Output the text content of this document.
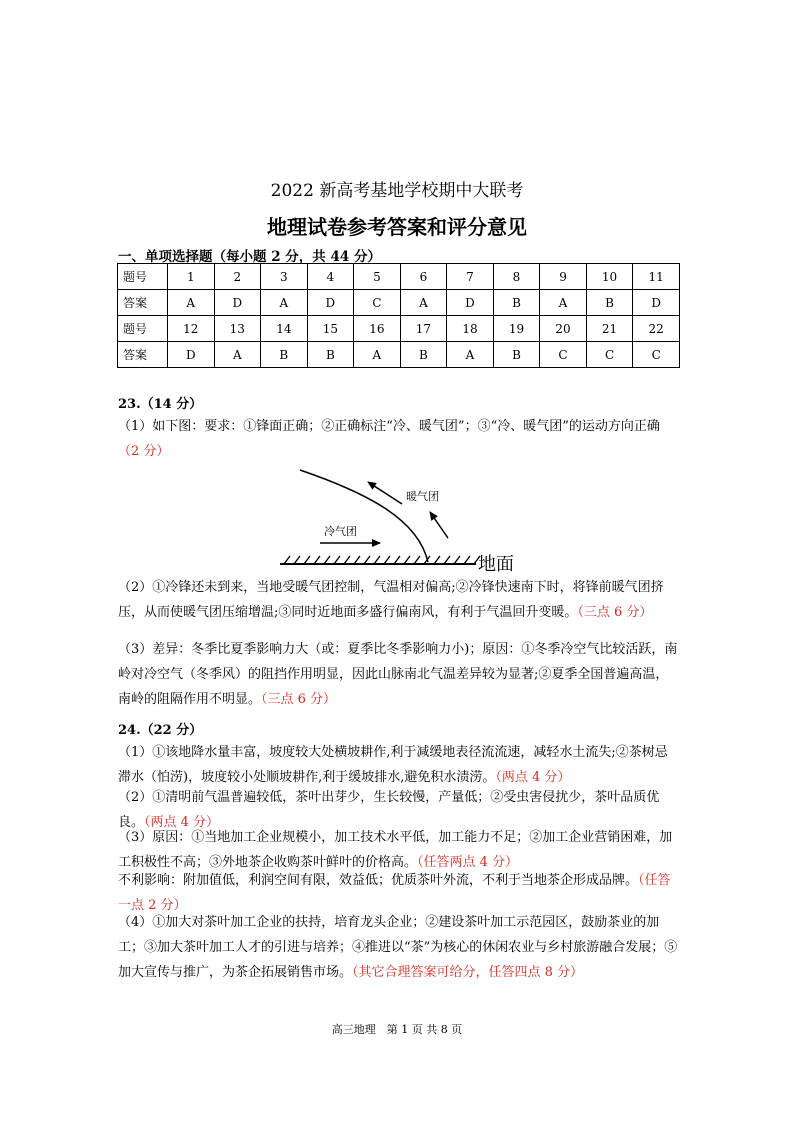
2022 新高考基地学校期中大联考
地理试卷参考答案和评分意见
一、单项选择题（每小题 2 分，共 44 分）
题号	1	2	3	4	5	6	7	8	9	10	11
答案	A	D	A	D	C	A	D	B	A	B	D
题号	12	13	14	15	16	17	18	19	20	21	22
答案	D	A	B	B	A	B	A	B	C	C	C
23.（14 分）
（1）如下图：要求：①锋面正确；②正确标注“冷、暖气团”；③“冷、暖气团”的运动方向正确（2 分）
暖气团
冷气团
地面
（2）①冷锋还未到来，当地受暖气团控制，气温相对偏高;②冷锋快速南下时，将锋前暖气团挤压，从而使暖气团压缩增温;③同时近地面多盛行偏南风，有利于气温回升变暖。（三点 6 分）
（3）差异：冬季比夏季影响力大（或：夏季比冬季影响力小)；原因：①冬季冷空气比较活跃，南岭对冷空气（冬季风）的阻挡作用明显，因此山脉南北气温差异较为显著;②夏季全国普遍高温，南岭的阻隔作用不明显。（三点 6 分）
24.（22 分）
（1）①该地降水量丰富，坡度较大处横坡耕作,利于减缓地表径流流速，减轻水土流失;②茶树忌滞水（怕涝)，坡度较小处顺坡耕作,利于缓坡排水,避免积水渍涝。（两点 4 分）
（2）①清明前气温普遍较低，茶叶出芽少，生长较慢，产量低；②受虫害侵扰少，茶叶品质优良。（两点 4 分）
（3）原因：①当地加工企业规模小，加工技术水平低，加工能力不足；②加工企业营销困难，加工积极性不高；③外地茶企收购茶叶鲜叶的价格高。（任答两点 4 分）
不利影响：附加值低，利润空间有限，效益低；优质茶叶外流，不利于当地茶企形成品牌。（任答一点 2 分）
（4）①加大对茶叶加工企业的扶持，培育龙头企业；②建设茶叶加工示范园区，鼓励茶业的加工；③加大茶叶加工人才的引进与培养；④推进以“茶”为核心的休闲农业与乡村旅游融合发展；⑤加大宣传与推广，为茶企拓展销售市场。（其它合理答案可给分，任答四点 8 分）
高三地理　第 1 页 共 8 页
